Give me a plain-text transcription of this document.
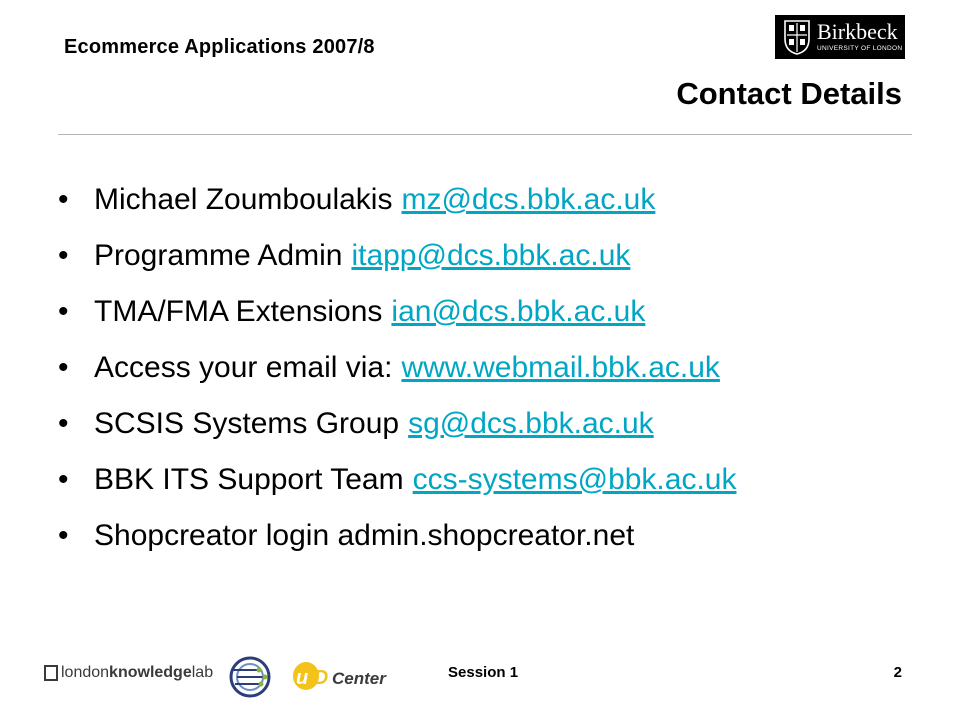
Ecommerce Applications 2007/8
Birkbeck
UNIVERSITY OF LONDON
Contact Details
• Michael Zoumboulakis mz@dcs.bbk.ac.uk
• Programme Admin itapp@dcs.bbk.ac.uk
• TMA/FMA Extensions ian@dcs.bbk.ac.uk
• Access your email via: www.webmail.bbk.ac.uk
• SCSIS Systems Group sg@dcs.bbk.ac.uk
• BBK ITS Support Team ccs-systems@bbk.ac.uk
• Shopcreator login admin.shopcreator.net
london knowledge lab	uiD Center	Session 1	2
